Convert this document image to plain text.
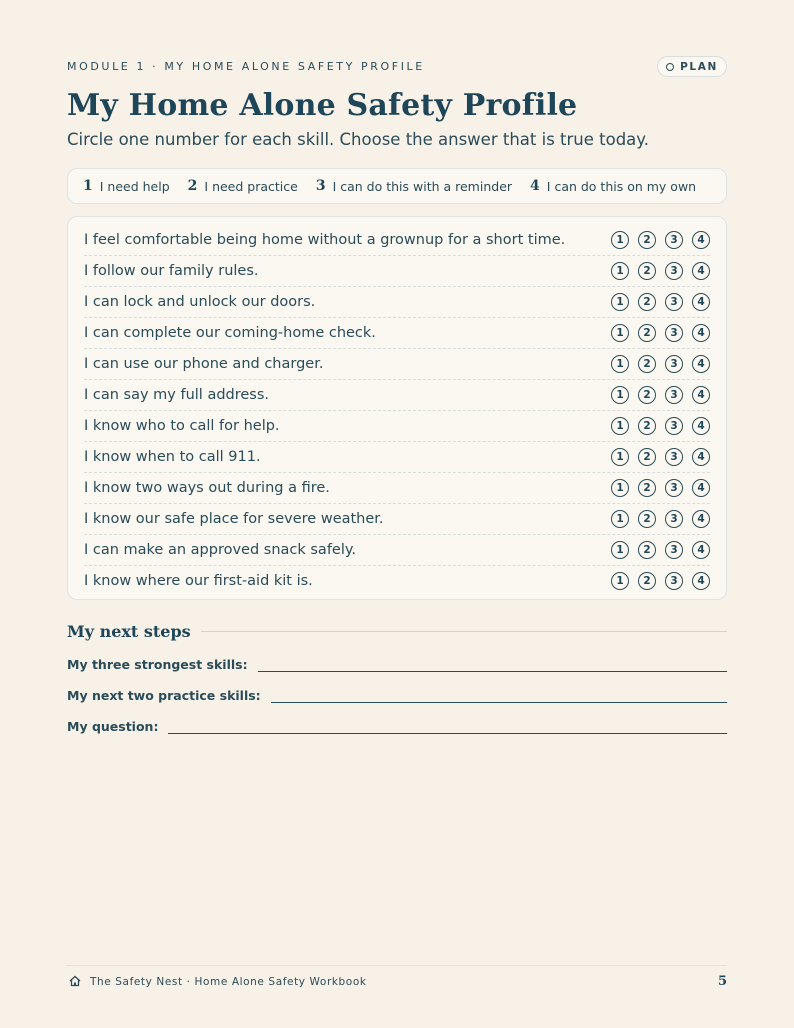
MODULE 1 · MY HOME ALONE SAFETY PROFILE	PLAN
My Home Alone Safety Profile
Circle one number for each skill. Choose the answer that is true today.
1 I need help 2 I need practice 3 I can do this with a reminder 4 I can do this on my own
I feel comfortable being home without a grownup for a short time.	1	2	3	4
I follow our family rules.	1	2	3	4
I can lock and unlock our doors.	1	2	3	4
I can complete our coming-home check.	1	2	3	4
I can use our phone and charger.	1	2	3	4
I can say my full address.	1	2	3	4
I know who to call for help.	1	2	3	4
I know when to call 911.	1	2	3	4
I know two ways out during a fire.	1	2	3	4
I know our safe place for severe weather.	1	2	3	4
I can make an approved snack safely.	1	2	3	4
I know where our first-aid kit is.	1	2	3	4
My next steps
My three strongest skills:
My next two practice skills:
My question:
The Safety Nest · Home Alone Safety Workbook	5
